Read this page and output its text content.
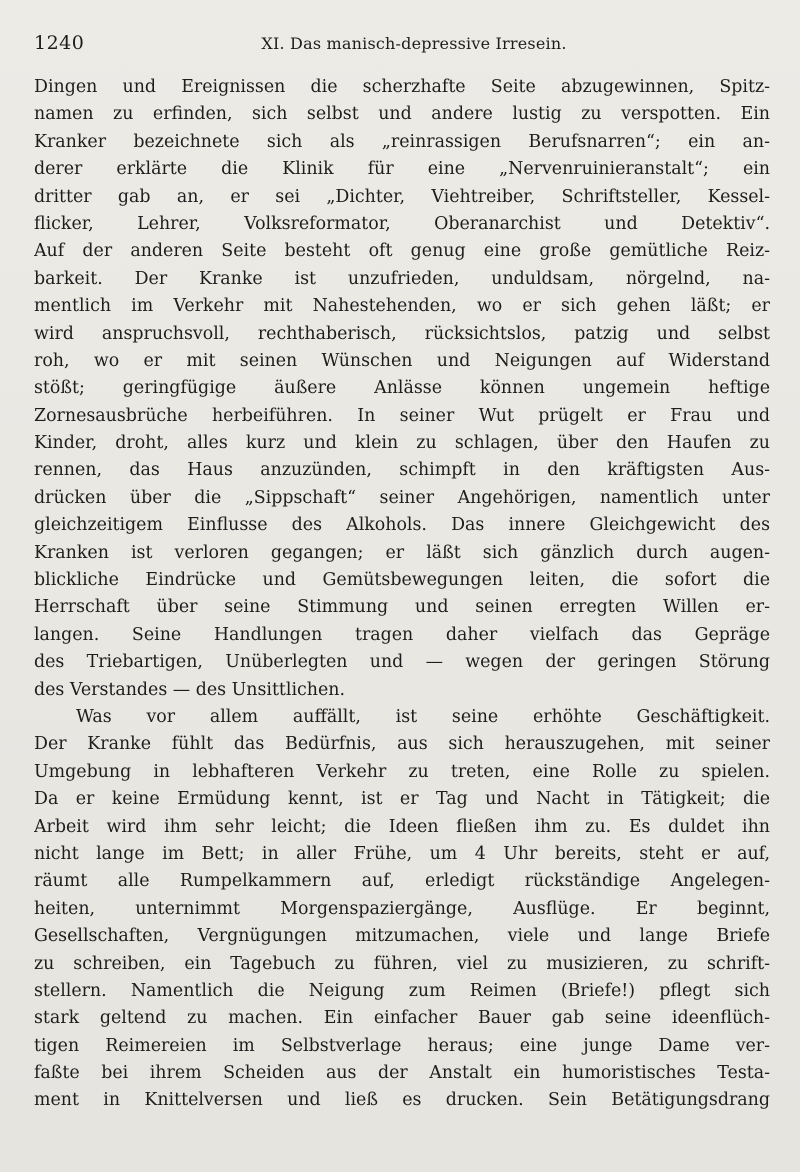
1240	XI. Das manisch-depressive Irresein.
Dingen und Ereignissen die scherzhafte Seite abzugewinnen, Spitz-
namen zu erfinden, sich selbst und andere lustig zu verspotten. Ein
Kranker bezeichnete sich als „reinrassigen Berufsnarren“; ein an-
derer erklärte die Klinik für eine „Nervenruinieranstalt“; ein
dritter gab an, er sei „Dichter, Viehtreiber, Schriftsteller, Kessel-
flicker, Lehrer, Volksreformator, Oberanarchist und Detektiv“.
Auf der anderen Seite besteht oft genug eine große gemütliche Reiz-
barkeit. Der Kranke ist unzufrieden, unduldsam, nörgelnd, na-
mentlich im Verkehr mit Nahestehenden, wo er sich gehen läßt; er
wird anspruchsvoll, rechthaberisch, rücksichtslos, patzig und selbst
roh, wo er mit seinen Wünschen und Neigungen auf Widerstand
stößt; geringfügige äußere Anlässe können ungemein heftige
Zornesausbrüche herbeiführen. In seiner Wut prügelt er Frau und
Kinder, droht, alles kurz und klein zu schlagen, über den Haufen zu
rennen, das Haus anzuzünden, schimpft in den kräftigsten Aus-
drücken über die „Sippschaft“ seiner Angehörigen, namentlich unter
gleichzeitigem Einflusse des Alkohols. Das innere Gleichgewicht des
Kranken ist verloren gegangen; er läßt sich gänzlich durch augen-
blickliche Eindrücke und Gemütsbewegungen leiten, die sofort die
Herrschaft über seine Stimmung und seinen erregten Willen er-
langen. Seine Handlungen tragen daher vielfach das Gepräge
des Triebartigen, Unüberlegten und — wegen der geringen Störung
des Verstandes — des Unsittlichen.
Was vor allem auffällt, ist seine erhöhte Geschäftigkeit.
Der Kranke fühlt das Bedürfnis, aus sich herauszugehen, mit seiner
Umgebung in lebhafteren Verkehr zu treten, eine Rolle zu spielen.
Da er keine Ermüdung kennt, ist er Tag und Nacht in Tätigkeit; die
Arbeit wird ihm sehr leicht; die Ideen fließen ihm zu. Es duldet ihn
nicht lange im Bett; in aller Frühe, um 4 Uhr bereits, steht er auf,
räumt alle Rumpelkammern auf, erledigt rückständige Angelegen-
heiten, unternimmt Morgenspaziergänge, Ausflüge. Er beginnt,
Gesellschaften, Vergnügungen mitzumachen, viele und lange Briefe
zu schreiben, ein Tagebuch zu führen, viel zu musizieren, zu schrift-
stellern. Namentlich die Neigung zum Reimen (Briefe!) pflegt sich
stark geltend zu machen. Ein einfacher Bauer gab seine ideenflüch-
tigen Reimereien im Selbstverlage heraus; eine junge Dame ver-
faßte bei ihrem Scheiden aus der Anstalt ein humoristisches Testa-
ment in Knittelversen und ließ es drucken. Sein Betätigungsdrang
